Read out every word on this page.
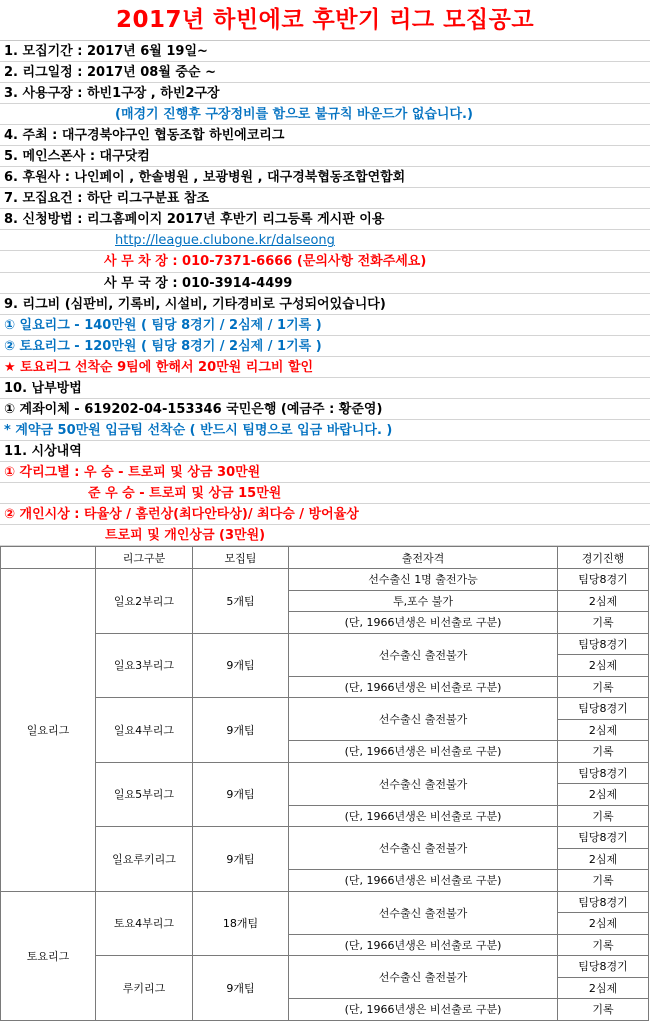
2017년 하빈에코 후반기 리그 모집공고
1. 모집기간 : 2017년 6월 19일~
2. 리그일정 : 2017년 08월 중순 ~
3. 사용구장 : 하빈1구장 , 하빈2구장
(매경기 진행후 구장정비를 함으로 불규칙 바운드가 없습니다.)
4. 주최 : 대구경북야구인 협동조합 하빈에코리그
5. 메인스폰사 : 대구닷컴
6. 후원사 : 나인페이 , 한솔병원 , 보광병원 , 대구경북협동조합연합회
7. 모집요건 : 하단 리그구분표 참조
8. 신청방법 : 리그홈페이지 2017년 후반기 리그등록 게시판 이용
http://league.clubone.kr/dalseong
사 무 차 장 : 010-7371-6666 (문의사항 전화주세요)
사 무 국 장 : 010-3914-4499
9. 리그비 (심판비, 기록비, 시설비, 기타경비로 구성되어있습니다)
① 일요리그 - 140만원 ( 팀당 8경기 / 2심제 / 1기록 )
② 토요리그 - 120만원 ( 팀당 8경기 / 2심제 / 1기록 )
★ 토요리그 선착순 9팀에 한해서 20만원 리그비 할인
10. 납부방법
① 계좌이체 - 619202-04-153346 국민은행 (예금주 : 황준영)
* 계약금 50만원 입금팀 선착순 ( 반드시 팀명으로 입금 바랍니다. )
11. 시상내역
① 각리그별 : 우 승 - 트로피 및 상금 30만원
준 우 승 - 트로피 및 상금 15만원
② 개인시상 : 타율상 / 홈런상(최다안타상)/ 최다승 / 방어율상
트로피 및 개인상금 (3만원)
	리그구분	모집팀	출전자격	경기진행
일요리그	일요2부리그	5개팀	선수출신 1명 출전가능	팀당8경기
			투,포수 불가	2심제
			(단, 1966년생은 비선출로 구분)	기록
	일요3부리그	9개팀	선수출신 출전불가	팀당8경기
				2심제
			(단, 1966년생은 비선출로 구분)	기록
	일요4부리그	9개팀	선수출신 출전불가	팀당8경기
				2심제
			(단, 1966년생은 비선출로 구분)	기록
	일요5부리그	9개팀	선수출신 출전불가	팀당8경기
				2심제
			(단, 1966년생은 비선출로 구분)	기록
	일요루키리그	9개팀	선수출신 출전불가	팀당8경기
				2심제
			(단, 1966년생은 비선출로 구분)	기록
토요리그	토요4부리그	18개팀	선수출신 출전불가	팀당8경기
				2심제
			(단, 1966년생은 비선출로 구분)	기록
	루키리그	9개팀	선수출신 출전불가	팀당8경기
				2심제
			(단, 1966년생은 비선출로 구분)	기록
